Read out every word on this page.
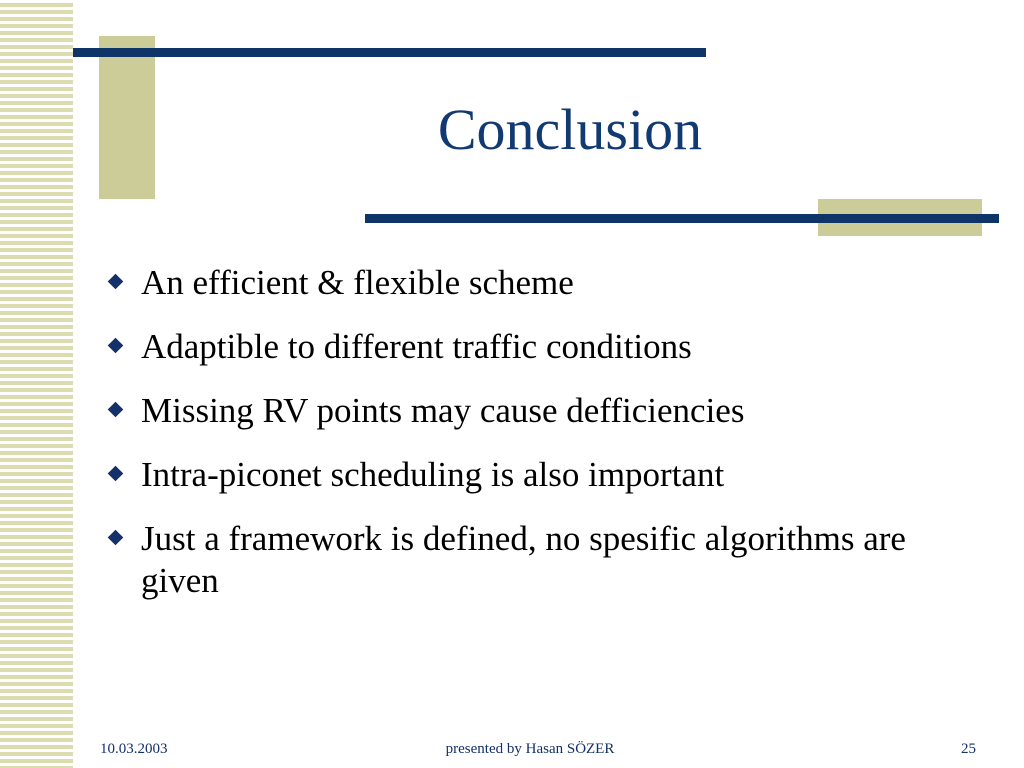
Conclusion
An efficient & flexible scheme
Adaptible to different traffic conditions
Missing RV points may cause defficiencies
Intra-piconet scheduling is also important
Just a framework is defined, no spesific algorithms are given
10.03.2003	presented by Hasan SÖZER	25
